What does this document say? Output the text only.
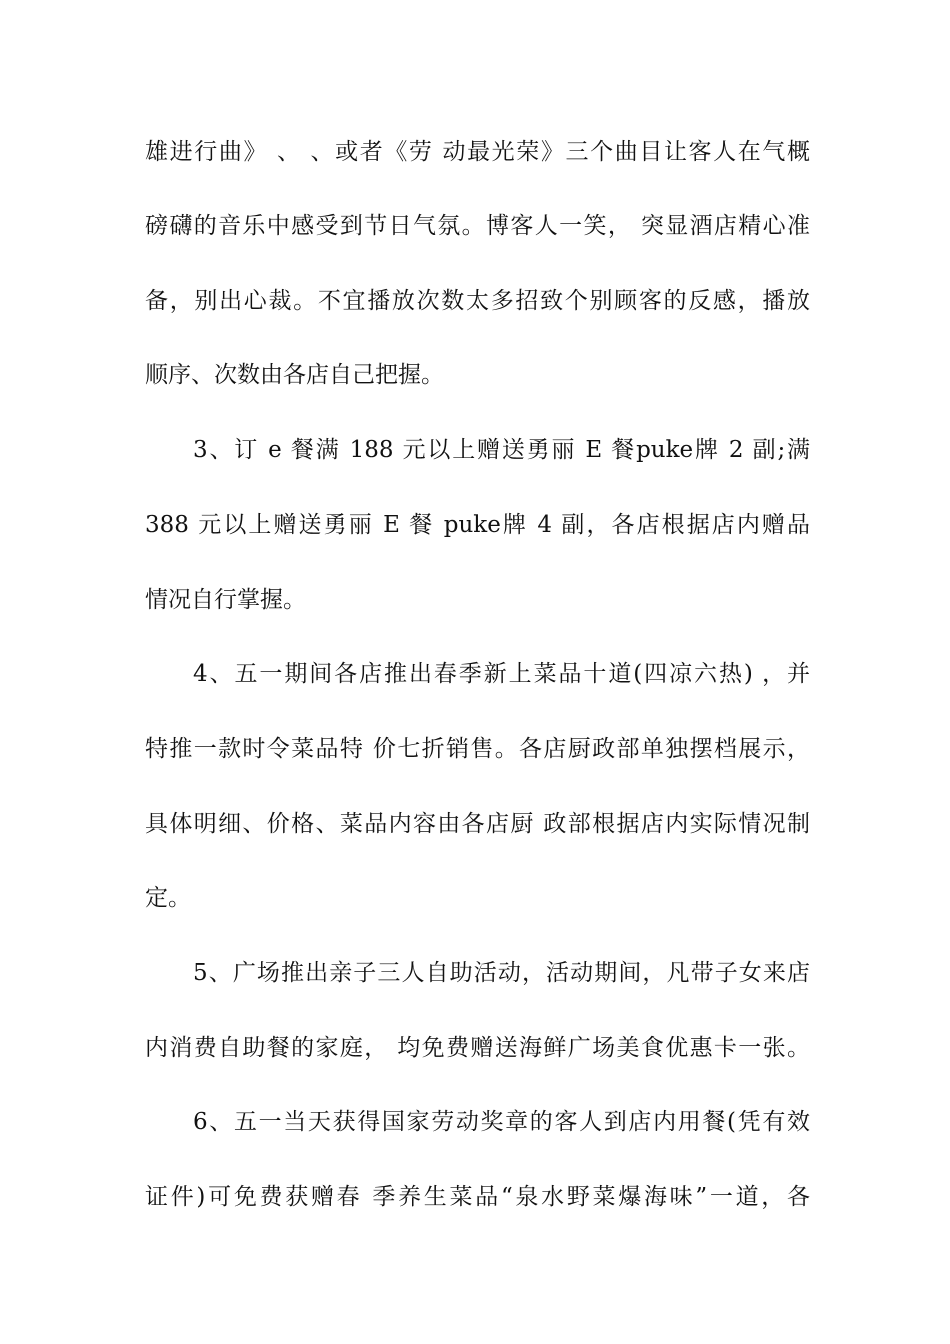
雄进行曲》 、 、或者《劳 动最光荣》三个曲目让客人在气概
磅礴的音乐中感受到节日气氛。博客人一笑， 突显酒店精心准
备，别出心裁。不宜播放次数太多招致个别顾客的反感，播放
顺序、次数由各店自己把握。
3、订 e 餐满 188 元以上赠送勇丽 E 餐puke牌 2 副;满
388 元以上赠送勇丽 E 餐 puke牌 4 副，各店根据店内赠品
情况自行掌握。
4、五一期间各店推出春季新上菜品十道(四凉六热) ，并
特推一款时令菜品特 价七折销售。各店厨政部单独摆档展示，
具体明细、价格、菜品内容由各店厨 政部根据店内实际情况制
定。
5、广场推出亲子三人自助活动，活动期间，凡带子女来店
内消费自助餐的家庭， 均免费赠送海鲜广场美食优惠卡一张。
6、五一当天获得国家劳动奖章的客人到店内用餐(凭有效
证件)可免费获赠春 季养生菜品“泉水野菜爆海味”一道，各
